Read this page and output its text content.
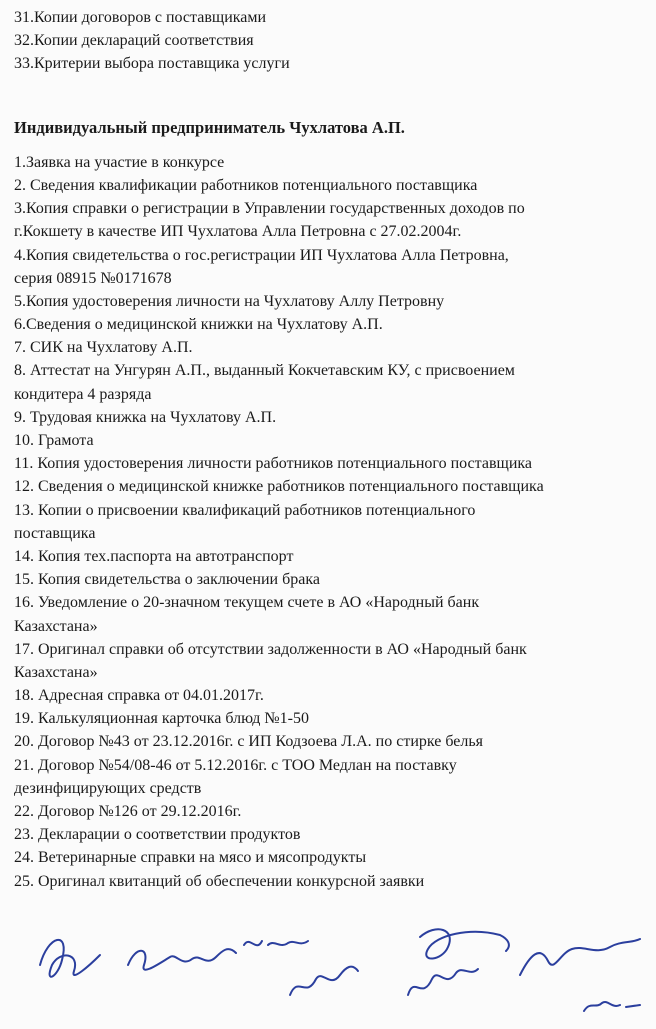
31.Копии договоров с поставщиками
32.Копии деклараций соответствия
33.Критерии выбора поставщика услуги
Индивидуальный предприниматель Чухлатова А.П.
1.Заявка на участие в конкурсе
2. Сведения квалификации работников потенциального поставщика
3.Копия справки о регистрации в Управлении государственных доходов по
г.Кокшету в качестве ИП Чухлатова Алла Петровна с 27.02.2004г.
4.Копия свидетельства о гос.регистрации ИП Чухлатова Алла Петровна,
серия 08915 №0171678
5.Копия удостоверения личности на Чухлатову Аллу Петровну
6.Сведения о медицинской книжки на Чухлатову А.П.
7. СИК на Чухлатову А.П.
8. Аттестат на Унгурян А.П., выданный Кокчетавским КУ, с присвоением
кондитера 4 разряда
9. Трудовая книжка на Чухлатову А.П.
10. Грамота
11. Копия удостоверения личности работников потенциального поставщика
12. Сведения о медицинской книжке работников потенциального поставщика
13. Копии о присвоении квалификаций работников потенциального
поставщика
14. Копия тех.паспорта на автотранспорт
15. Копия свидетельства о заключении брака
16. Уведомление о 20-значном текущем счете в АО «Народный банк
Казахстана»
17. Оригинал справки об отсутствии задолженности в АО «Народный банк
Казахстана»
18. Адресная справка от 04.01.2017г.
19. Калькуляционная карточка блюд №1-50
20. Договор №43 от 23.12.2016г. с ИП Кодзоева Л.А. по стирке белья
21. Договор №54/08-46 от 5.12.2016г. с ТОО Медлан на поставку
дезинфицирующих средств
22. Договор №126 от 29.12.2016г.
23. Декларации о соответствии продуктов
24. Ветеринарные справки на мясо и мясопродукты
25. Оригинал квитанций об обеспечении конкурсной заявки
